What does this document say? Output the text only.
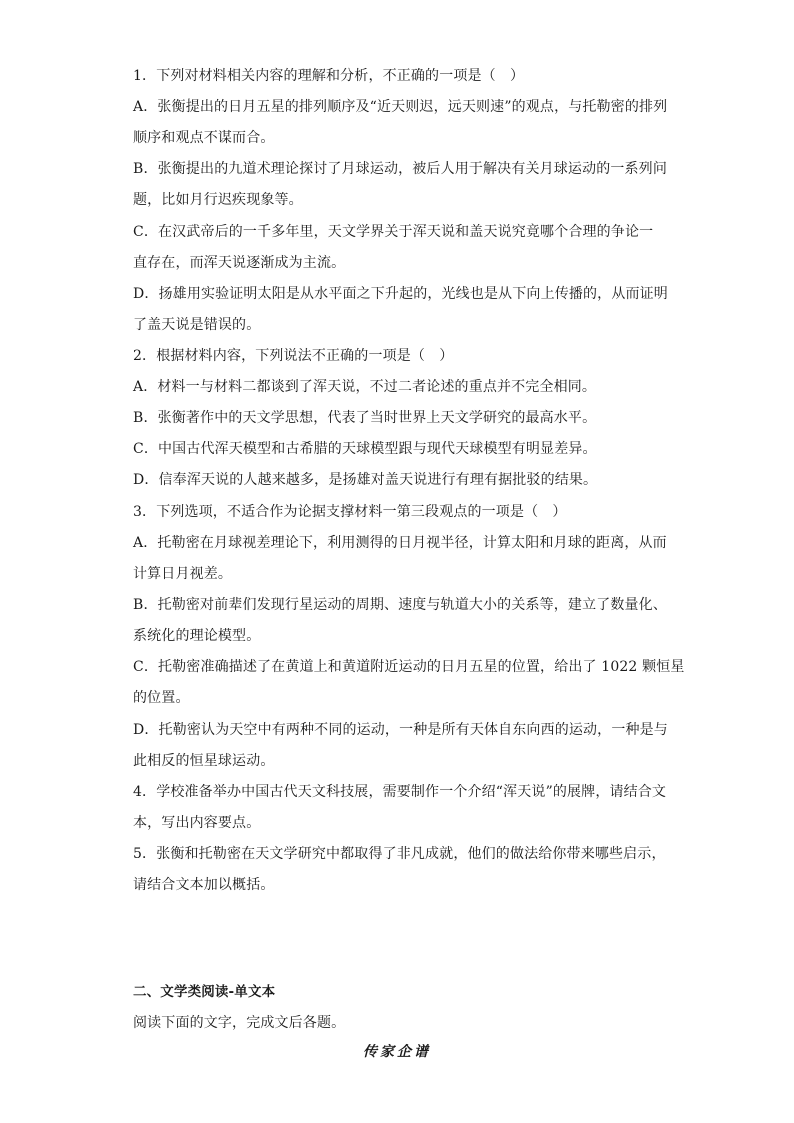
1．下列对材料相关内容的理解和分析，不正确的一项是（　）
A．张衡提出的日月五星的排列顺序及“近天则迟，远天则速”的观点，与托勒密的排列
顺序和观点不谋而合。
B．张衡提出的九道术理论探讨了月球运动，被后人用于解决有关月球运动的一系列问
题，比如月行迟疾现象等。
C．在汉武帝后的一千多年里，天文学界关于浑天说和盖天说究竟哪个合理的争论一
直存在，而浑天说逐渐成为主流。
D．扬雄用实验证明太阳是从水平面之下升起的，光线也是从下向上传播的，从而证明
了盖天说是错误的。
2．根据材料内容，下列说法不正确的一项是（　）
A．材料一与材料二都谈到了浑天说，不过二者论述的重点并不完全相同。
B．张衡著作中的天文学思想，代表了当时世界上天文学研究的最高水平。
C．中国古代浑天模型和古希腊的天球模型跟与现代天球模型有明显差异。
D．信奉浑天说的人越来越多，是扬雄对盖天说进行有理有据批驳的结果。
3．下列选项，不适合作为论据支撑材料一第三段观点的一项是（　）
A．托勒密在月球视差理论下，利用测得的日月视半径，计算太阳和月球的距离，从而
计算日月视差。
B．托勒密对前辈们发现行星运动的周期、速度与轨道大小的关系等，建立了数量化、
系统化的理论模型。
C．托勒密准确描述了在黄道上和黄道附近运动的日月五星的位置，给出了 1022 颗恒星
的位置。
D．托勒密认为天空中有两种不同的运动，一种是所有天体自东向西的运动，一种是与
此相反的恒星球运动。
4．学校准备举办中国古代天文科技展，需要制作一个介绍“浑天说”的展牌，请结合文
本，写出内容要点。
5．张衡和托勒密在天文学研究中都取得了非凡成就，他们的做法给你带来哪些启示，
请结合文本加以概括。
二、文学类阅读-单文本
阅读下面的文字，完成文后各题。
传家企谱
